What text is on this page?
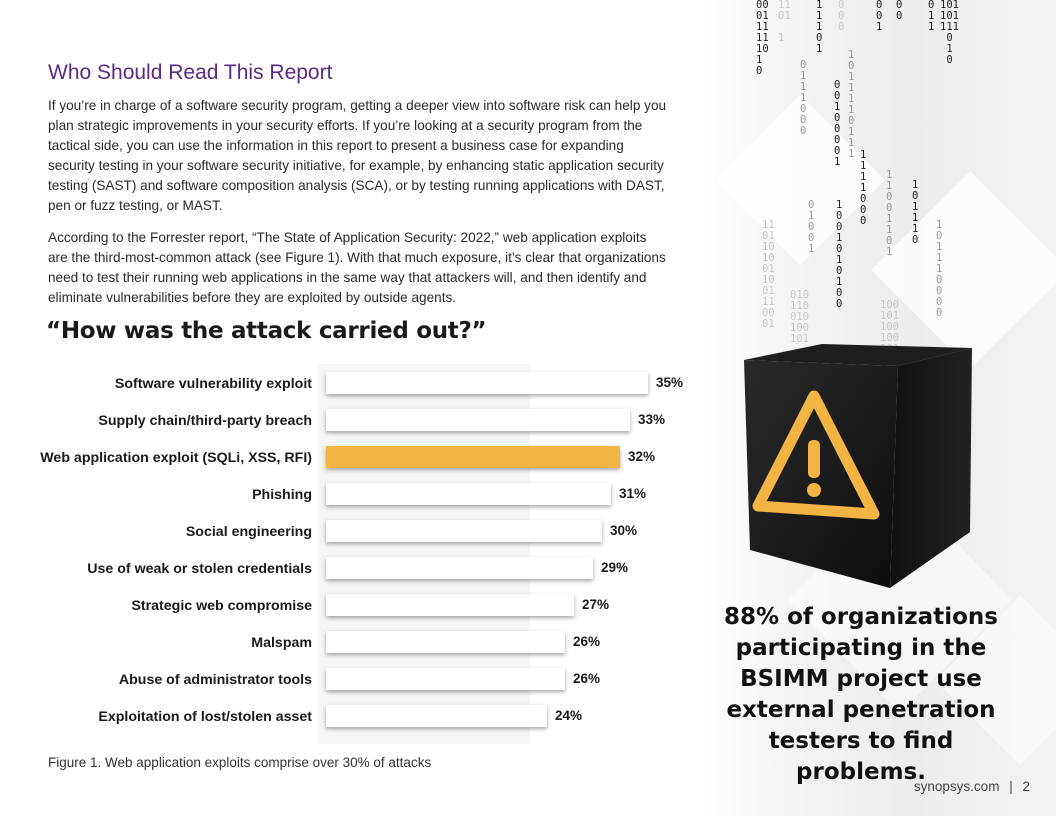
00
01
11
11
10
1
0
11
01

1
1
1
1
0
1
0
0
0
0
0
1
0
0
0
1
1
101
101
111
0
1
0
0
1
1
1
0
0
0
0
0
1
0
0
0
0
1
1
0
1
1
1
1
0
1
1
1 1
1
1
1
0
0
0
1
1
0
0
1
1
0
1
1
0
1
1
1
0
0
1
0
0
1
1
0
0
1
0
1
0
1
0
0
11
01
10
10
01
10
01
11
00
01
1
0
1
1
1
0
0
0
0
010
110
010
100
101
100
101
100
100

Who Should Read This Report

If you’re in charge of a software security program, getting a deeper view into software risk can help you plan strategic improvements in your security efforts. If you’re looking at a security program from the tactical side, you can use the information in this report to present a business case for expanding security testing in your software security initiative, for example, by enhancing static application security testing (SAST) and software composition analysis (SCA), or by testing running applications with DAST, pen or fuzz testing, or MAST.

According to the Forrester report, “The State of Application Security: 2022,” web application exploits are the third-most-common attack (see Figure 1). With that much exposure, it’s clear that organizations need to test their running web applications in the same way that attackers will, and then identify and eliminate vulnerabilities before they are exploited by outside agents.

“How was the attack carried out?”
Software vulnerability exploit	35%
Supply chain/third-party breach	33%
Web application exploit (SQLi, XSS, RFI)	32%
Phishing	31%
Social engineering	30%
Use of weak or stolen credentials	29%
Strategic web compromise	27%
Malspam	26%
Abuse of administrator tools	26%
Exploitation of lost/stolen asset	24%
Figure 1. Web application exploits comprise over 30% of attacks
88% of organizations participating in the BSIMM project use external penetration testers to find problems.
synopsys.com | 2
